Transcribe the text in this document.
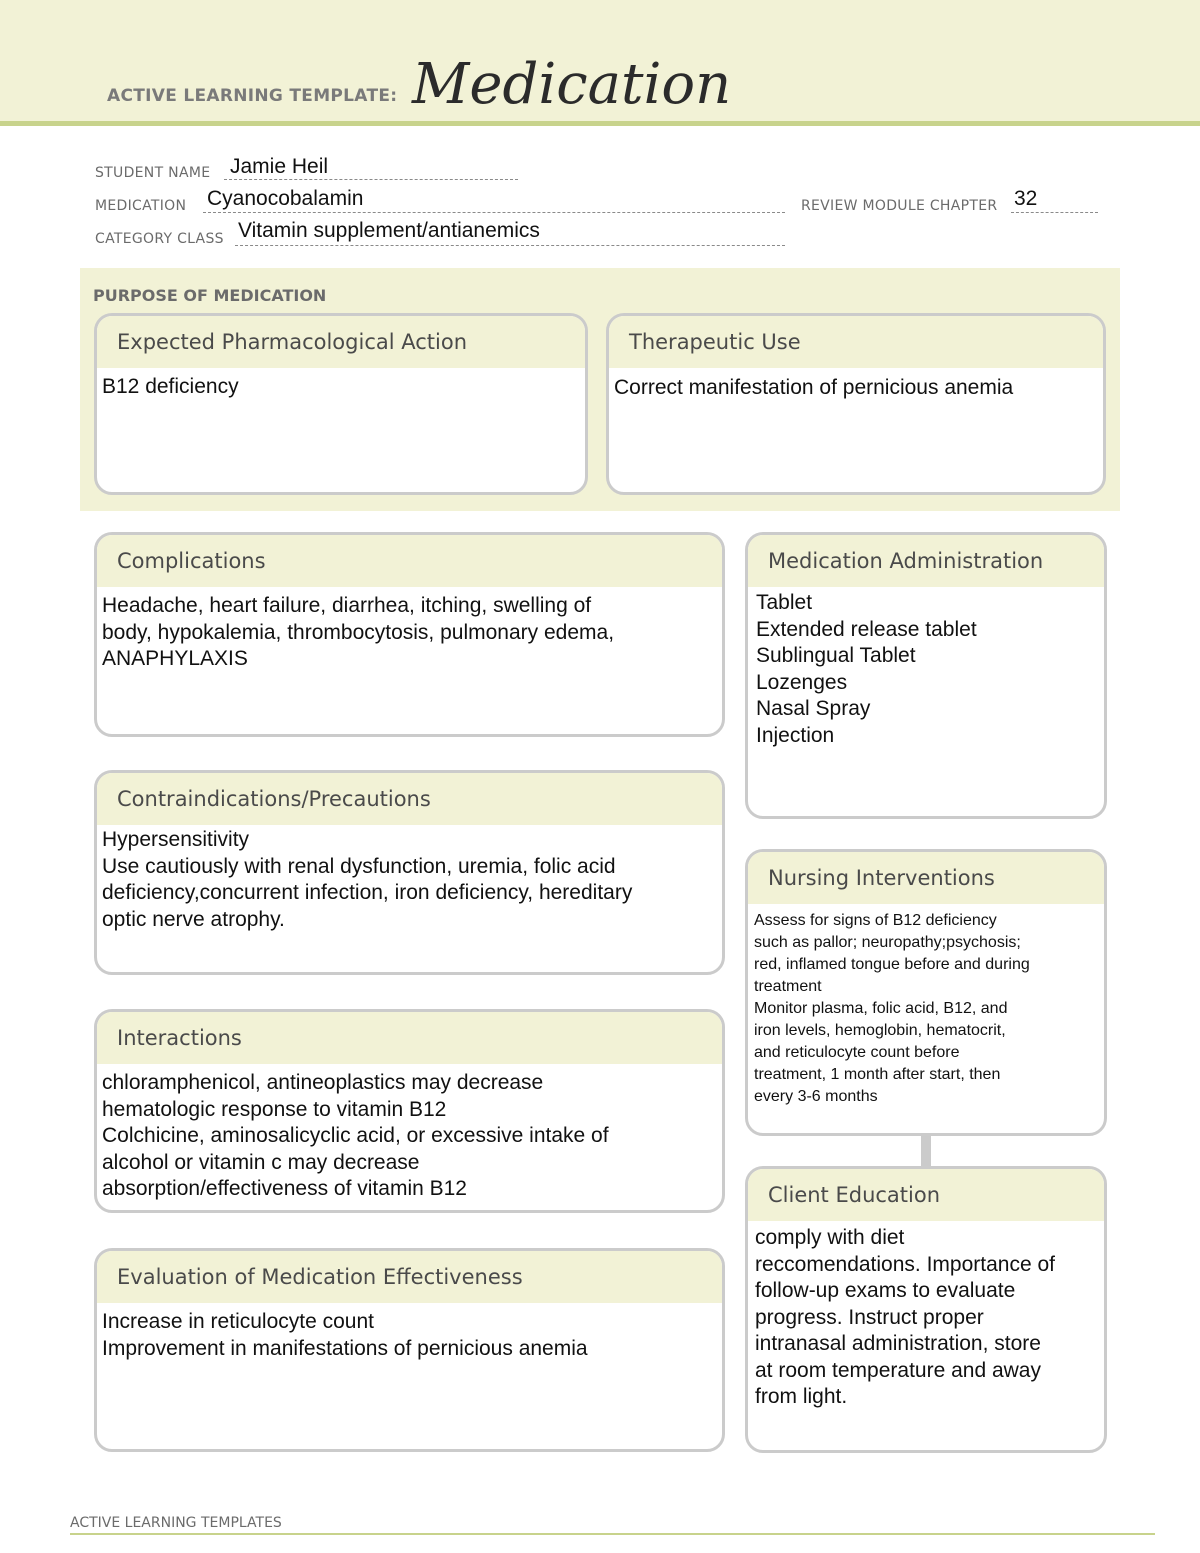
ACTIVE LEARNING TEMPLATE: Medication
STUDENT NAME Jamie Heil
MEDICATION Cyanocobalamin	REVIEW MODULE CHAPTER 32
CATEGORY CLASS Vitamin supplement/antianemics
PURPOSE OF MEDICATION
Expected Pharmacological Action
B12 deficiency
Therapeutic Use
Correct manifestation of pernicious anemia
Complications
Headache, heart failure, diarrhea, itching, swelling of
body, hypokalemia, thrombocytosis, pulmonary edema,
ANAPHYLAXIS
Contraindications/Precautions
Hypersensitivity
Use cautiously with renal dysfunction, uremia, folic acid
deficiency,concurrent infection, iron deficiency, hereditary
optic nerve atrophy.
Interactions
chloramphenicol, antineoplastics may decrease
hematologic response to vitamin B12
Colchicine, aminosalicyclic acid, or excessive intake of
alcohol or vitamin c may decrease
absorption/effectiveness of vitamin B12
Evaluation of Medication Effectiveness
Increase in reticulocyte count
Improvement in manifestations of pernicious anemia
Medication Administration
Tablet
Extended release tablet
Sublingual Tablet
Lozenges
Nasal Spray
Injection
Nursing Interventions
Assess for signs of B12 deficiency
such as pallor; neuropathy;psychosis;
red, inflamed tongue before and during
treatment
Monitor plasma, folic acid, B12, and
iron levels, hemoglobin, hematocrit,
and reticulocyte count before
treatment, 1 month after start, then
every 3-6 months
Client Education
comply with diet
reccomendations. Importance of
follow-up exams to evaluate
progress. Instruct proper
intranasal administration, store
at room temperature and away
from light.
ACTIVE LEARNING TEMPLATES
